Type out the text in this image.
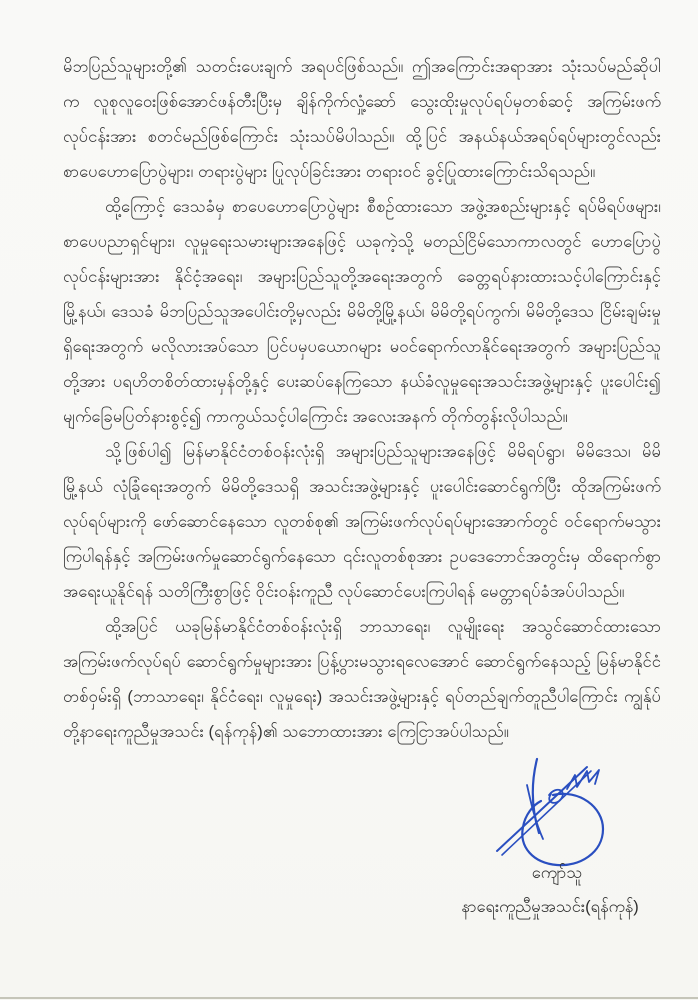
မိဘပြည်သူများတို့၏ သတင်းပေးချက် အရပင်ဖြစ်သည်။ ဤအကြောင်းအရာအား သုံးသပ်မည်ဆိုပါက လူစုလူဝေးဖြစ်အောင်ဖန်တီးပြီးမှ ချိန်ကိုက်လှုံ့ဆော် သွေးထိုးမှုလုပ်ရပ်မှတစ်ဆင့် အကြမ်းဖက်လုပ်ငန်းအား စတင်မည်ဖြစ်ကြောင်း သုံးသပ်မိပါသည်။ ထို့ပြင် အနယ်နယ်အရပ်ရပ်များတွင်လည်း စာပေဟောပြောပွဲများ၊ တရားပွဲများ ပြုလုပ်ခြင်းအား တရားဝင် ခွင့်ပြုထားကြောင်းသိရသည်။

ထို့ကြောင့် ဒေသခံမှ စာပေဟောပြောပွဲများ စီစဉ်ထားသော အဖွဲ့အစည်းများနှင့် ရပ်မိရပ်ဖများ၊ စာပေပညာရှင်များ၊ လူမှုရေးသမားများအနေဖြင့် ယခုကဲ့သို့ မတည်ငြိမ်သောကာလတွင် ဟောပြောပွဲလုပ်ငန်းများအား နိုင်ငံ့အရေး၊ အများပြည်သူတို့အရေးအတွက် ခေတ္တရပ်နားထားသင့်ပါကြောင်းနှင့် မြို့နယ်၊ ဒေသခံ မိဘပြည်သူအပေါင်းတို့မှလည်း မိမိတို့မြို့နယ်၊ မိမိတို့ရပ်ကွက်၊ မိမိတို့ဒေသ ငြိမ်းချမ်းမှုရှိရေးအတွက် မလိုလားအပ်သော ပြင်ပမှပယောဂများ မဝင်ရောက်လာနိုင်ရေးအတွက် အများပြည်သူတို့အား ပရဟိတစိတ်ထားမှန်တို့နှင့် ပေးဆပ်နေကြသော နယ်ခံလူမှုရေးအသင်းအဖွဲ့များနှင့် ပူးပေါင်း၍ မျက်ခြေမပြတ်နားစွင့်၍ ကာကွယ်သင့်ပါကြောင်း အလေးအနက် တိုက်တွန်းလိုပါသည်။

သို့ဖြစ်ပါ၍ မြန်မာနိုင်ငံတစ်ဝန်းလုံးရှိ အများပြည်သူများအနေဖြင့် မိမိရပ်ရွာ၊ မိမိဒေသ၊ မိမိမြို့နယ် လုံခြုံရေးအတွက် မိမိတို့ဒေသရှိ အသင်းအဖွဲ့များနှင့် ပူးပေါင်းဆောင်ရွက်ပြီး ထိုအကြမ်းဖက်လုပ်ရပ်များကို ဖော်ဆောင်နေသော လူတစ်စု၏ အကြမ်းဖက်လုပ်ရပ်များအောက်တွင် ဝင်ရောက်မသွားကြပါရန်နှင့် အကြမ်းဖက်မှုဆောင်ရွက်နေသော ၎င်းလူတစ်စုအား ဥပဒေဘောင်အတွင်းမှ ထိရောက်စွာအရေးယူနိုင်ရန် သတိကြီးစွာဖြင့် ဝိုင်းဝန်းကူညီ လုပ်ဆောင်ပေးကြပါရန် မေတ္တာရပ်ခံအပ်ပါသည်။

ထို့အပြင် ယခုမြန်မာနိုင်ငံတစ်ဝန်းလုံးရှိ ဘာသာရေး၊ လူမျိုးရေး အသွင်ဆောင်ထားသော အကြမ်းဖက်လုပ်ရပ် ဆောင်ရွက်မှုများအား ပြန့်ပွားမသွားရလေအောင် ဆောင်ရွက်နေသည့် မြန်မာနိုင်ငံတစ်ဝှမ်းရှိ (ဘာသာရေး၊ နိုင်ငံရေး၊ လူမှုရေး) အသင်းအဖွဲ့များနှင့် ရပ်တည်ချက်တူညီပါကြောင်း ကျွန်ုပ်တို့နာရေးကူညီမှုအသင်း (ရန်ကုန်)၏ သဘောထားအား ကြေငြာအပ်ပါသည်။

ကျော်သူ
နာရေးကူညီမှုအသင်း(ရန်ကုန်)
